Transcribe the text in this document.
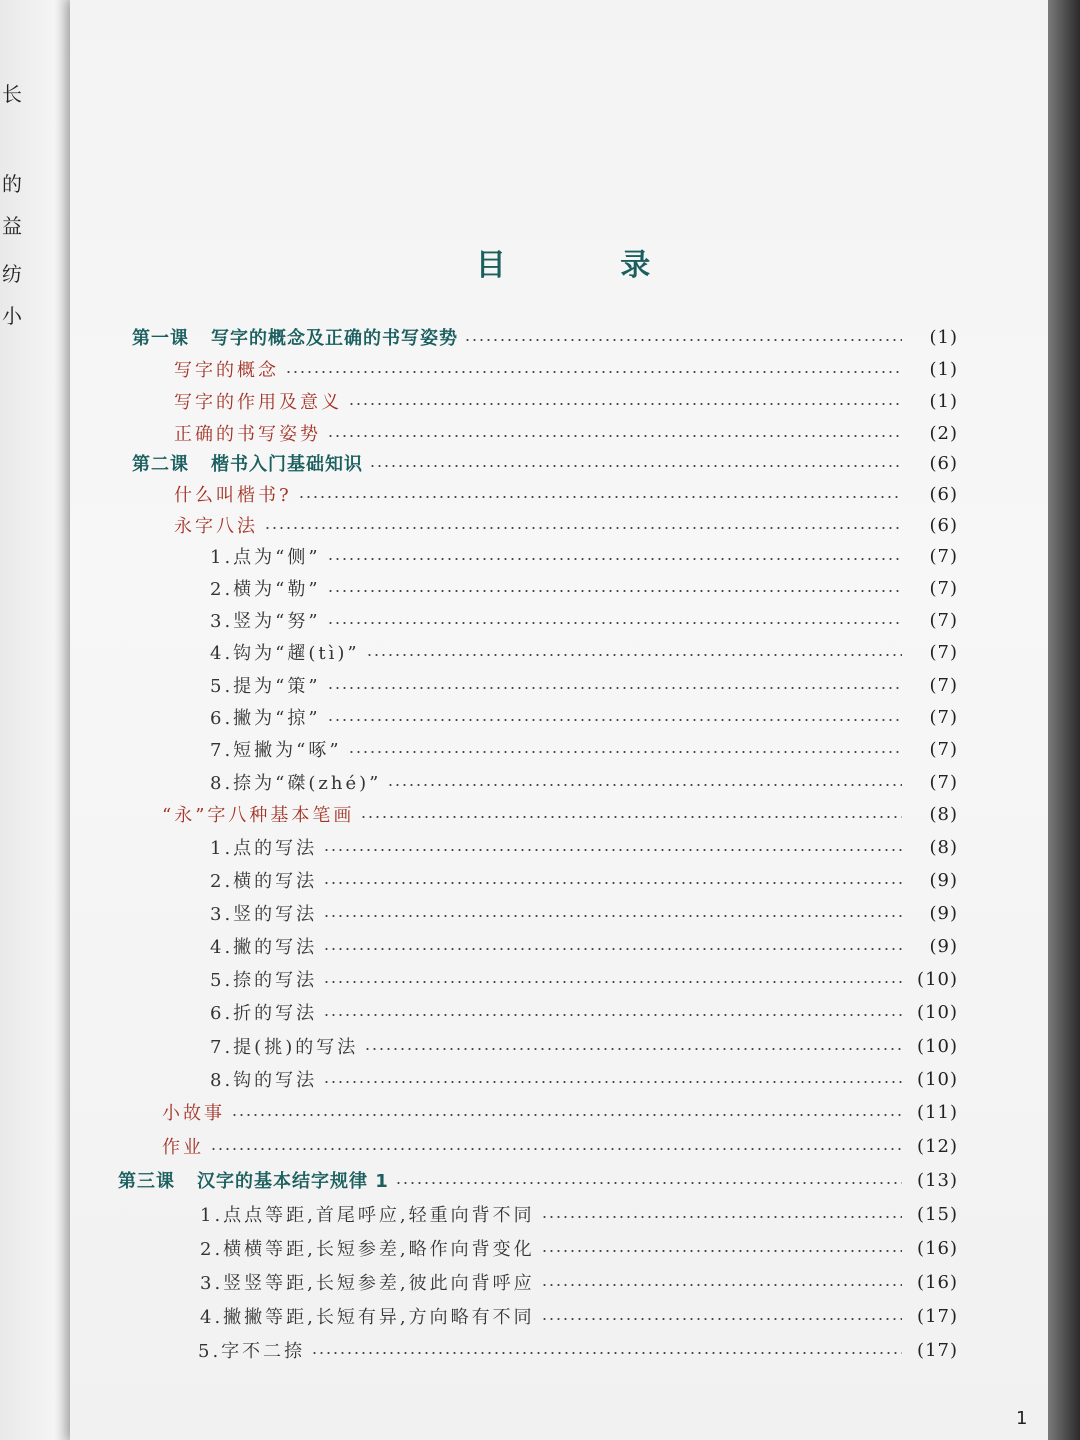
长
的
益
纺
小
目 录
第一课 写字的概念及正确的书写姿势	(1)
写字的概念	(1)
写字的作用及意义	(1)
正确的书写姿势	(2)
第二课 楷书入门基础知识	(6)
什么叫楷书?	(6)
永字八法	(6)
1.点为“侧”	(7)
2.横为“勒”	(7)
3.竖为“努”	(7)
4.钩为“趯(tì)”	(7)
5.提为“策”	(7)
6.撇为“掠”	(7)
7.短撇为“啄”	(7)
8.捺为“磔(zhé)”	(7)
“永”字八种基本笔画	(8)
1.点的写法	(8)
2.横的写法	(9)
3.竖的写法	(9)
4.撇的写法	(9)
5.捺的写法	(10)
6.折的写法	(10)
7.提(挑)的写法	(10)
8.钩的写法	(10)
小故事	(11)
作业	(12)
第三课 汉字的基本结字规律 1	(13)
1.点点等距,首尾呼应,轻重向背不同	(15)
2.横横等距,长短参差,略作向背变化	(16)
3.竖竖等距,长短参差,彼此向背呼应	(16)
4.撇撇等距,长短有异,方向略有不同	(17)
5.字不二捺	(17)
1
